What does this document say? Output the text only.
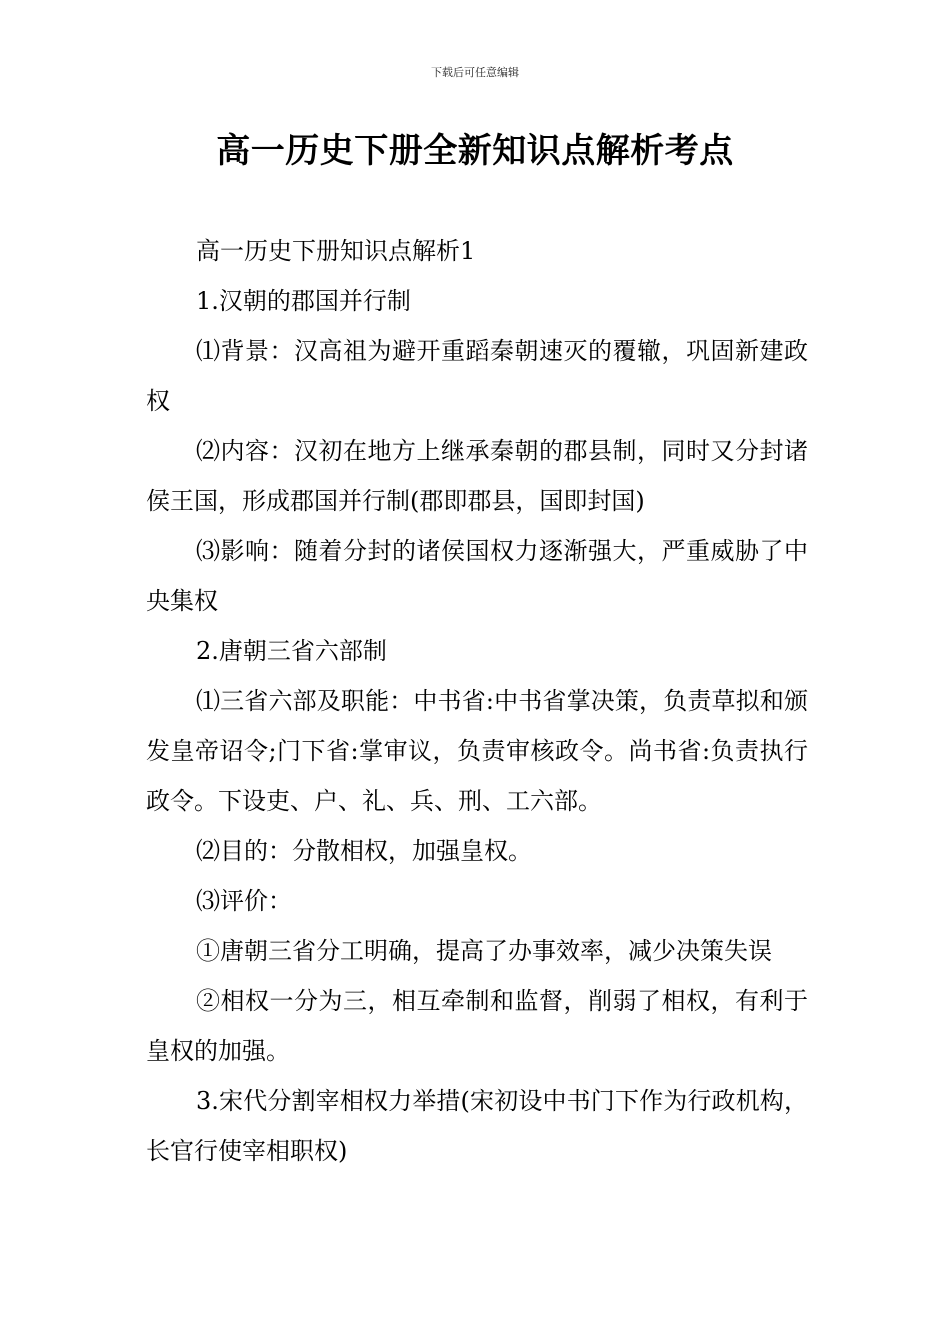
下载后可任意编辑
高一历史下册全新知识点解析考点

高一历史下册知识点解析1

1.汉朝的郡国并行制

⑴背景：汉高祖为避开重蹈秦朝速灭的覆辙，巩固新建政权

⑵内容：汉初在地方上继承秦朝的郡县制，同时又分封诸侯王国，形成郡国并行制(郡即郡县，国即封国)

⑶影响：随着分封的诸侯国权力逐渐强大，严重威胁了中央集权

2.唐朝三省六部制

⑴三省六部及职能：中书省:中书省掌决策，负责草拟和颁发皇帝诏令;门下省:掌审议，负责审核政令。尚书省:负责执行政令。下设吏、户、礼、兵、刑、工六部。

⑵目的：分散相权，加强皇权。

⑶评价：

①唐朝三省分工明确，提高了办事效率，减少决策失误

②相权一分为三，相互牵制和监督，削弱了相权，有利于皇权的加强。

3.宋代分割宰相权力举措(宋初设中书门下作为行政机构，长官行使宰相职权)
